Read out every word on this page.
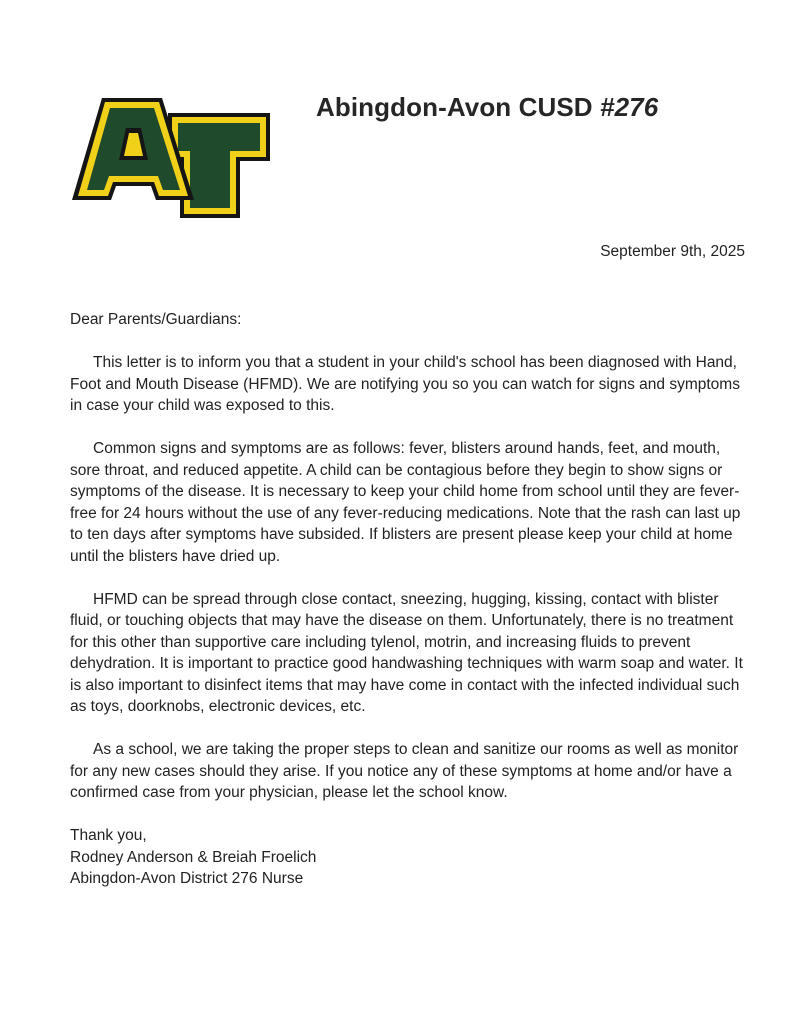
Abingdon-Avon CUSD #276

September 9th, 2025

Dear Parents/Guardians:

This letter is to inform you that a student in your child's school has been diagnosed with Hand, Foot and Mouth Disease (HFMD). We are notifying you so you can watch for signs and symptoms in case your child was exposed to this.

Common signs and symptoms are as follows: fever, blisters around hands, feet, and mouth, sore throat, and reduced appetite. A child can be contagious before they begin to show signs or symptoms of the disease. It is necessary to keep your child home from school until they are fever-free for 24 hours without the use of any fever-reducing medications. Note that the rash can last up to ten days after symptoms have subsided. If blisters are present please keep your child at home until the blisters have dried up.

HFMD can be spread through close contact, sneezing, hugging, kissing, contact with blister fluid, or touching objects that may have the disease on them. Unfortunately, there is no treatment for this other than supportive care including tylenol, motrin, and increasing fluids to prevent dehydration. It is important to practice good handwashing techniques with warm soap and water. It is also important to disinfect items that may have come in contact with the infected individual such as toys, doorknobs, electronic devices, etc.

As a school, we are taking the proper steps to clean and sanitize our rooms as well as monitor for any new cases should they arise. If you notice any of these symptoms at home and/or have a confirmed case from your physician, please let the school know.

Thank you,
Rodney Anderson & Breiah Froelich
Abingdon-Avon District 276 Nurse
